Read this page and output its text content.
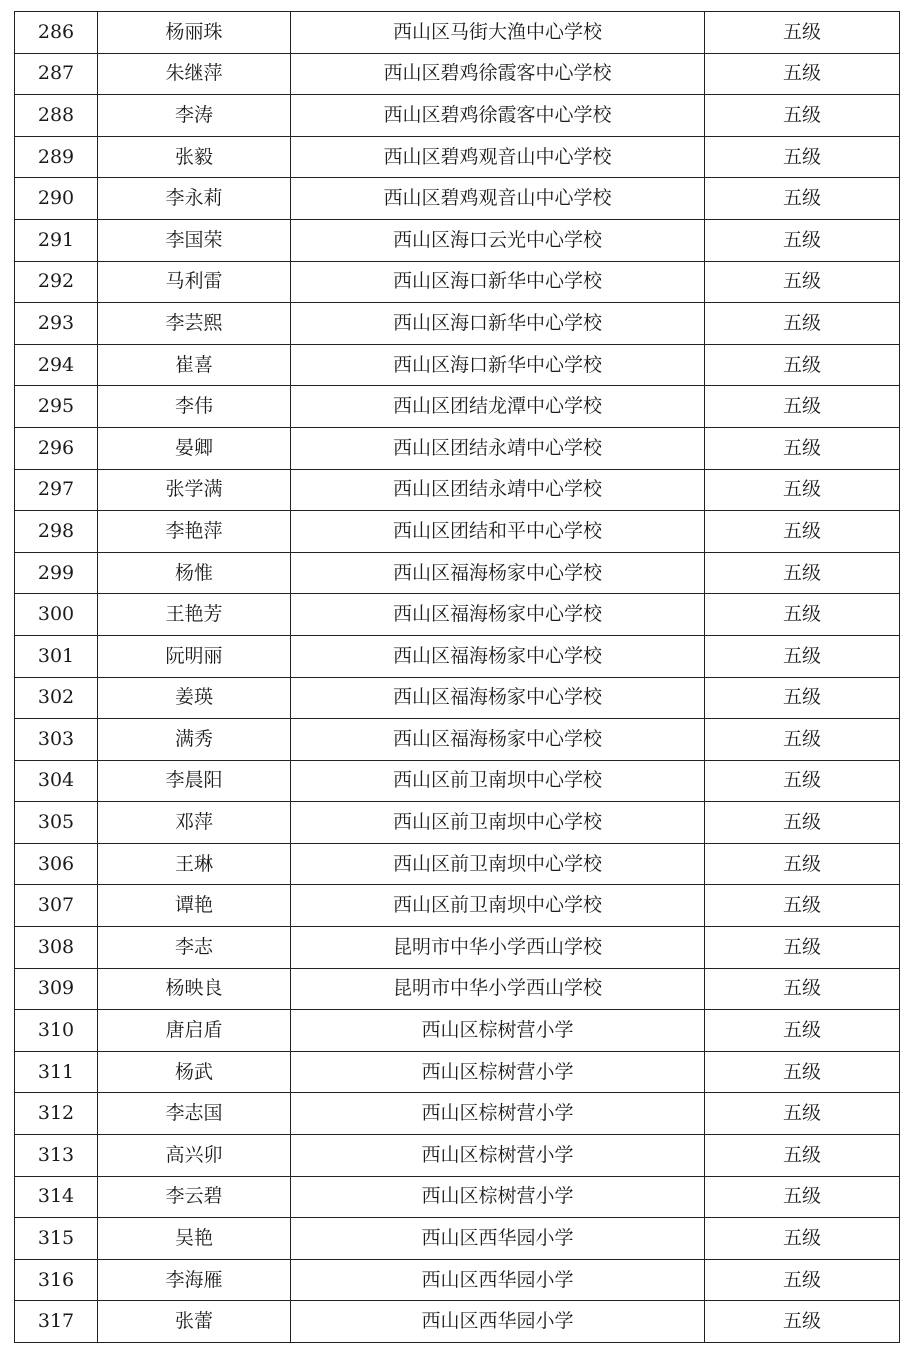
286	杨丽珠	西山区马街大渔中心学校	五级
287	朱继萍	西山区碧鸡徐霞客中心学校	五级
288	李涛	西山区碧鸡徐霞客中心学校	五级
289	张毅	西山区碧鸡观音山中心学校	五级
290	李永莉	西山区碧鸡观音山中心学校	五级
291	李国荣	西山区海口云光中心学校	五级
292	马利雷	西山区海口新华中心学校	五级
293	李芸熙	西山区海口新华中心学校	五级
294	崔喜	西山区海口新华中心学校	五级
295	李伟	西山区团结龙潭中心学校	五级
296	晏卿	西山区团结永靖中心学校	五级
297	张学满	西山区团结永靖中心学校	五级
298	李艳萍	西山区团结和平中心学校	五级
299	杨惟	西山区福海杨家中心学校	五级
300	王艳芳	西山区福海杨家中心学校	五级
301	阮明丽	西山区福海杨家中心学校	五级
302	姜瑛	西山区福海杨家中心学校	五级
303	满秀	西山区福海杨家中心学校	五级
304	李晨阳	西山区前卫南坝中心学校	五级
305	邓萍	西山区前卫南坝中心学校	五级
306	王琳	西山区前卫南坝中心学校	五级
307	谭艳	西山区前卫南坝中心学校	五级
308	李志	昆明市中华小学西山学校	五级
309	杨映良	昆明市中华小学西山学校	五级
310	唐启盾	西山区棕树营小学	五级
311	杨武	西山区棕树营小学	五级
312	李志国	西山区棕树营小学	五级
313	高兴卯	西山区棕树营小学	五级
314	李云碧	西山区棕树营小学	五级
315	吴艳	西山区西华园小学	五级
316	李海雁	西山区西华园小学	五级
317	张蕾	西山区西华园小学	五级
